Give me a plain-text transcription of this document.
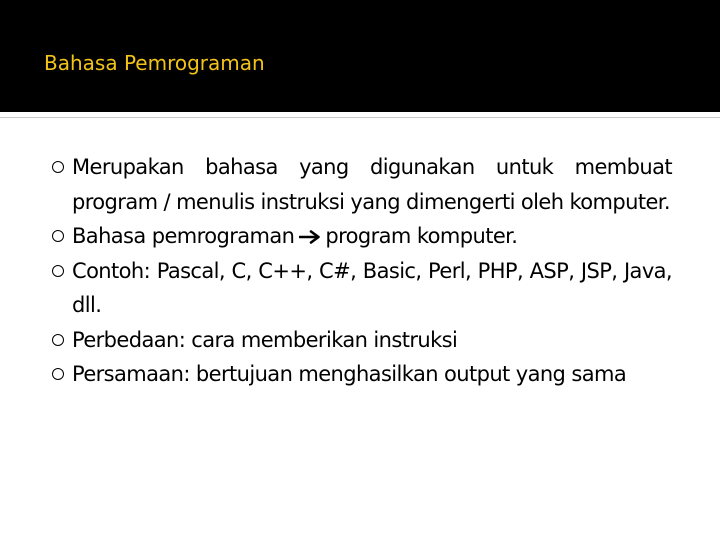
Bahasa Pemrograman
Merupakan bahasa yang digunakan untuk membuat program / menulis instruksi yang dimengerti oleh komputer.
Bahasa pemrograman program komputer.
Contoh: Pascal, C, C++, C#, Basic, Perl, PHP, ASP, JSP, Java, dll.
Perbedaan: cara memberikan instruksi
Persamaan: bertujuan menghasilkan output yang sama
